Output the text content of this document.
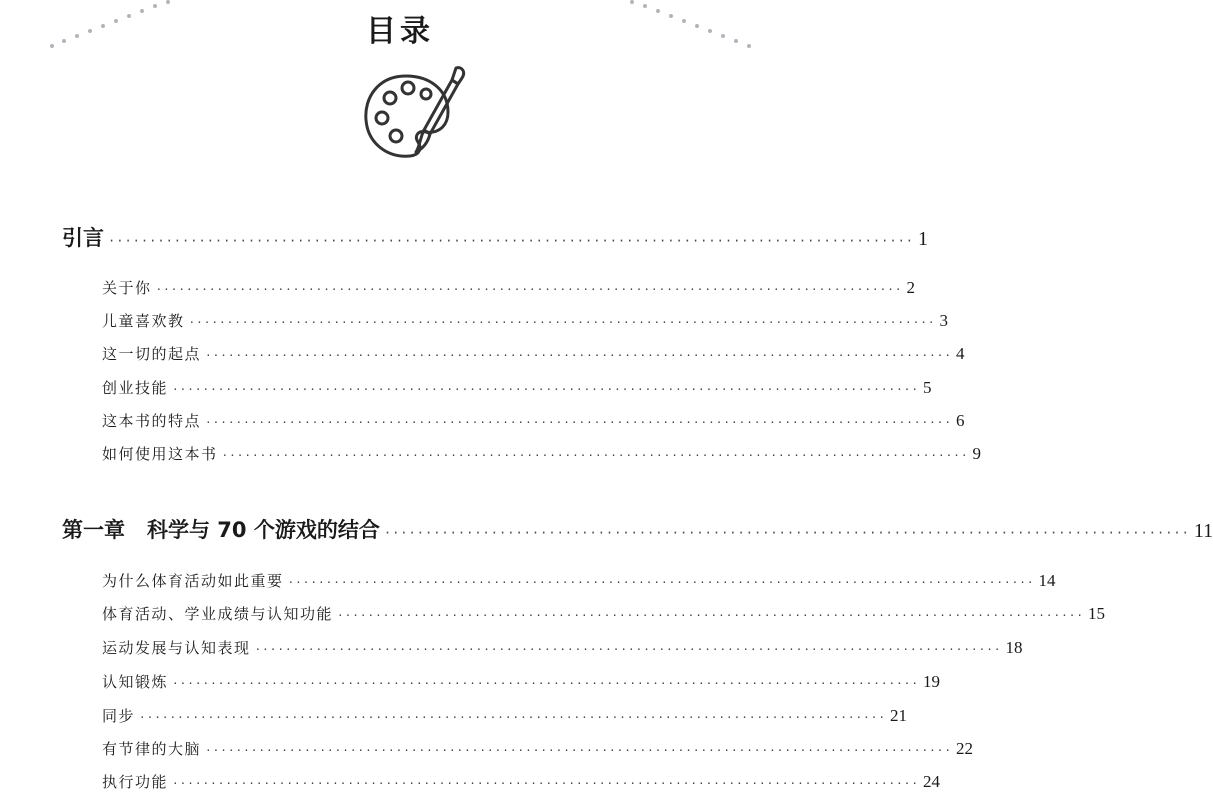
目录
引言 ·································································································· 1
关于你 ·································································································· 2
儿童喜欢教 ·································································································· 3
这一切的起点 ·································································································· 4
创业技能 ·································································································· 5
这本书的特点 ·································································································· 6
如何使用这本书 ·································································································· 9
第一章 科学与 70 个游戏的结合 ·································································································· 11
为什么体育活动如此重要 ·································································································· 14
体育活动、学业成绩与认知功能 ·································································································· 15
运动发展与认知表现 ·································································································· 18
认知锻炼 ·································································································· 19
同步 ·································································································· 21
有节律的大脑 ·································································································· 22
执行功能 ·································································································· 24
